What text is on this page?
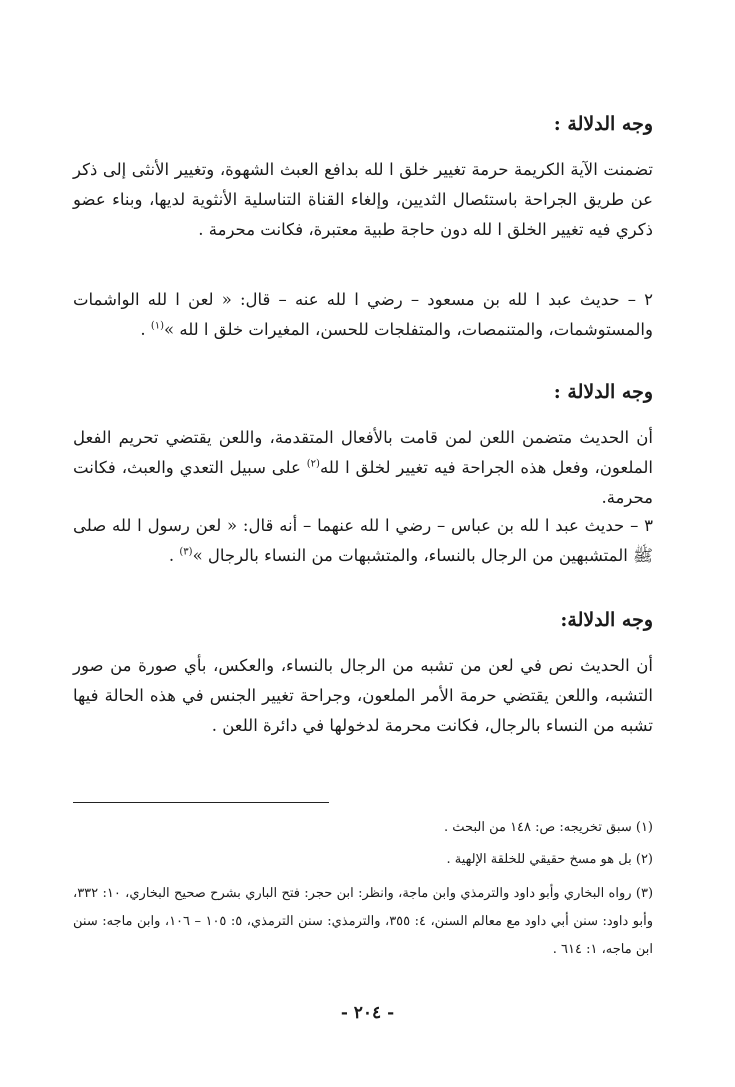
وجه الدلالة :
تضمنت الآية الكريمة حرمة تغيير خلق ا لله بدافع العبث الشهوة، وتغيير الأنثى إلى ذكر عن طريق الجراحة باستئصال الثديين، وإلغاء القناة التناسلية الأنثوية لديها، وبناء عضو ذكري فيه تغيير الخلق ا لله دون حاجة طبية معتبرة، فكانت محرمة .
٢ – حديث عبد ا لله بن مسعود – رضي ا لله عنه – قال: « لعن ا لله الواشمات والمستوشمات، والمتنمصات، والمتفلجات للحسن، المغيرات خلق ا لله »$^{(١)}$ .
وجه الدلالة :
أن الحديث متضمن اللعن لمن قامت بالأفعال المتقدمة، واللعن يقتضي تحريم الفعل الملعون، وفعل هذه الجراحة فيه تغيير لخلق ا لله$^{(٢)}$ على سبيل التعدي والعبث، فكانت محرمة.
٣ – حديث عبد ا لله بن عباس – رضي ا لله عنهما – أنه قال: « لعن رسول ا لله صلى ﷺ المتشبهين من الرجال بالنساء، والمتشبهات من النساء بالرجال »$^{(٣)}$ .
وجه الدلالة:
أن الحديث نص في لعن من تشبه من الرجال بالنساء، والعكس، بأي صورة من صور التشبه، واللعن يقتضي حرمة الأمر الملعون، وجراحة تغيير الجنس في هذه الحالة فيها تشبه من النساء بالرجال، فكانت محرمة لدخولها في دائرة اللعن .
(١) سبق تخريجه: ص: ١٤٨ من البحث .
(٢) بل هو مسخ حقيقي للخلقة الإلهية .
(٣) رواه البخاري وأبو داود والترمذي وابن ماجة، وانظر: ابن حجر: فتح الباري بشرح صحيح البخاري، ١٠: ٣٣٢، وأبو داود: سنن أبي داود مع معالم السنن، ٤: ٣٥٥، والترمذي: سنن الترمذي، ٥: ١٠٥ – ١٠٦، وابن ماجه: سنن ابن ماجه، ١: ٦١٤ .
- ٢٠٤ -
